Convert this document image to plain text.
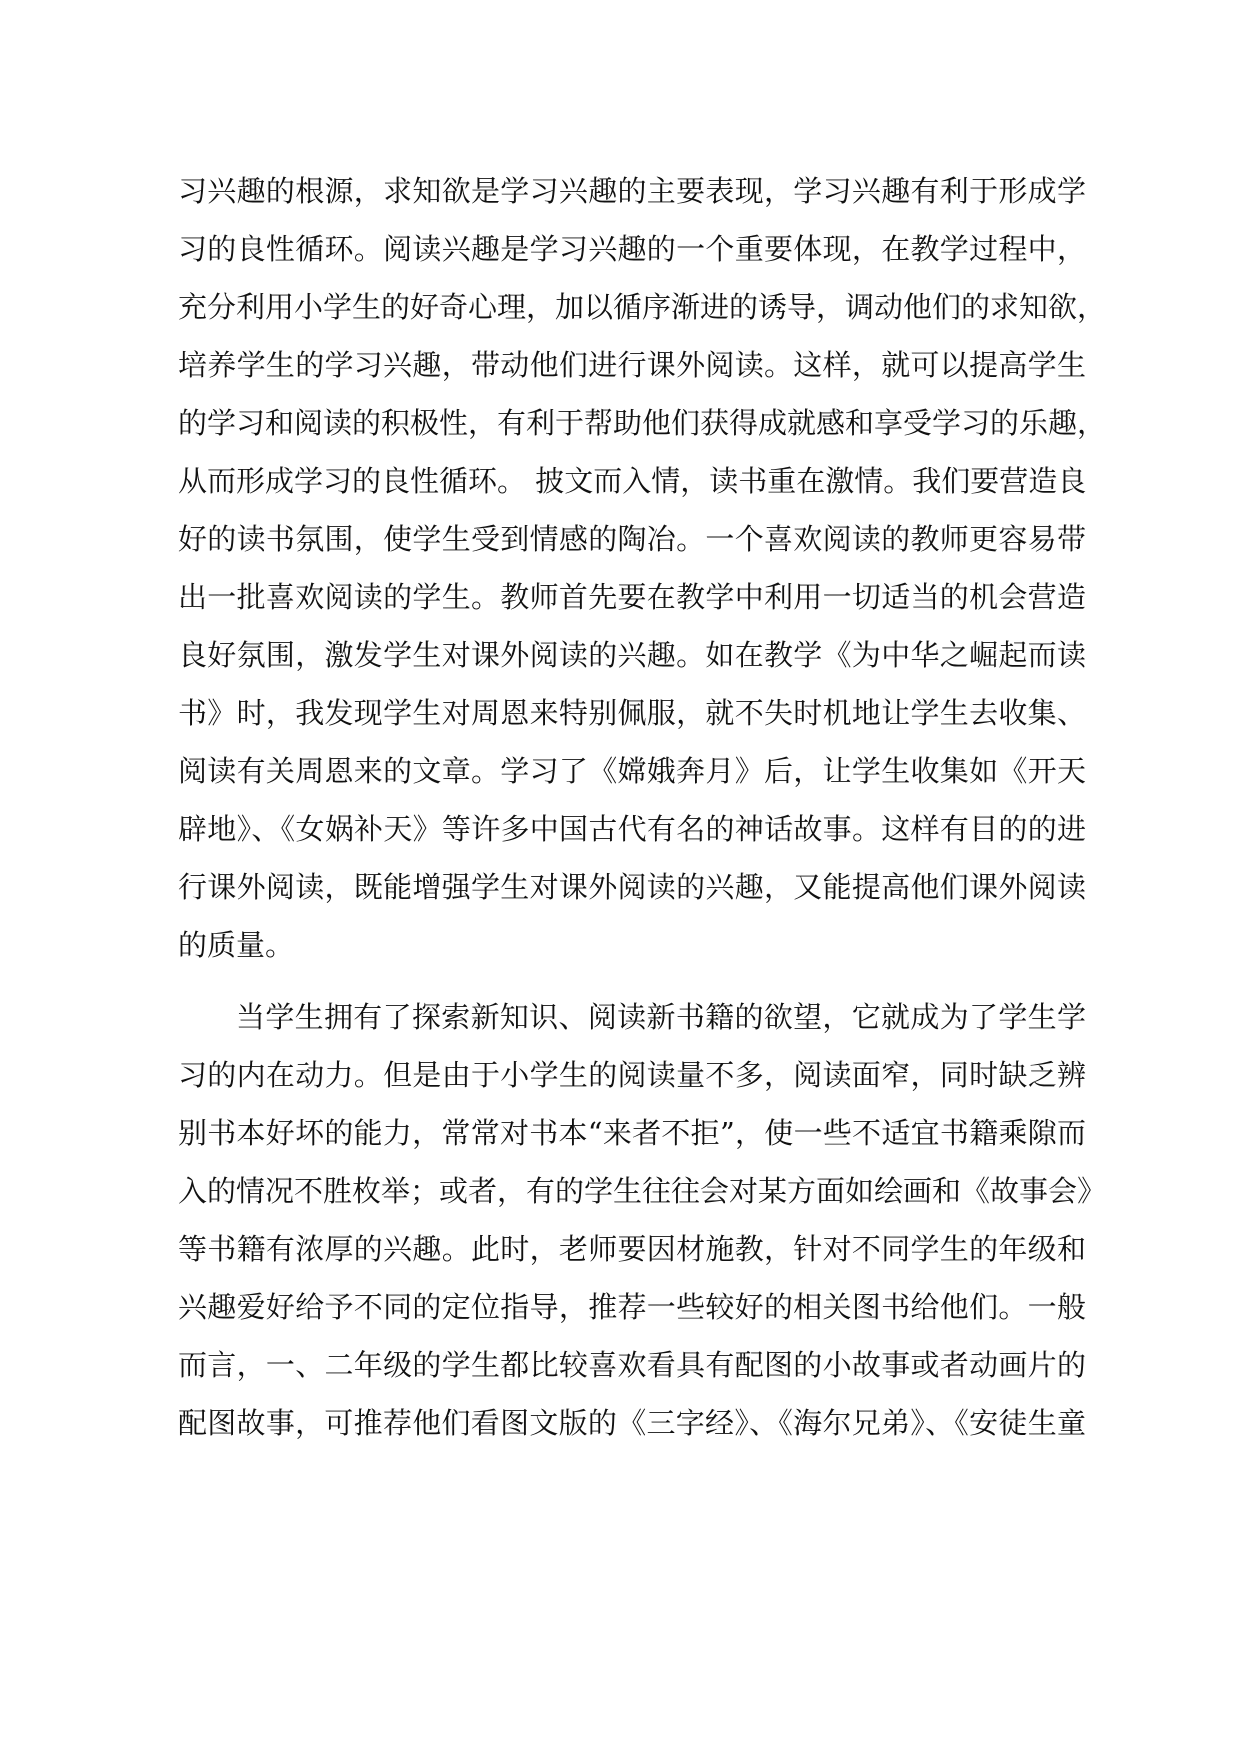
习兴趣的根源，求知欲是学习兴趣的主要表现，学习兴趣有利于形成学
习的良性循环。阅读兴趣是学习兴趣的一个重要体现，在教学过程中，
充分利用小学生的好奇心理，加以循序渐进的诱导，调动他们的求知欲，
培养学生的学习兴趣，带动他们进行课外阅读。这样，就可以提高学生
的学习和阅读的积极性，有利于帮助他们获得成就感和享受学习的乐趣，
从而形成学习的良性循环。 披文而入情，读书重在激情。我们要营造良
好的读书氛围，使学生受到情感的陶冶。一个喜欢阅读的教师更容易带
出一批喜欢阅读的学生。教师首先要在教学中利用一切适当的机会营造
良好氛围，激发学生对课外阅读的兴趣。如在教学《为中华之崛起而读
书》时，我发现学生对周恩来特别佩服，就不失时机地让学生去收集、
阅读有关周恩来的文章。学习了《嫦娥奔月》后，让学生收集如《开天
辟地》、《女娲补天》等许多中国古代有名的神话故事。这样有目的的进
行课外阅读，既能增强学生对课外阅读的兴趣，又能提高他们课外阅读
的质量。
当学生拥有了探索新知识、阅读新书籍的欲望，它就成为了学生学
习的内在动力。但是由于小学生的阅读量不多，阅读面窄，同时缺乏辨
别书本好坏的能力，常常对书本“来者不拒”，使一些不适宜书籍乘隙而
入的情况不胜枚举；或者，有的学生往往会对某方面如绘画和《故事会》
等书籍有浓厚的兴趣。此时，老师要因材施教，针对不同学生的年级和
兴趣爱好给予不同的定位指导，推荐一些较好的相关图书给他们。一般
而言，一、二年级的学生都比较喜欢看具有配图的小故事或者动画片的
配图故事，可推荐他们看图文版的《三字经》、《海尔兄弟》、《安徒生童
